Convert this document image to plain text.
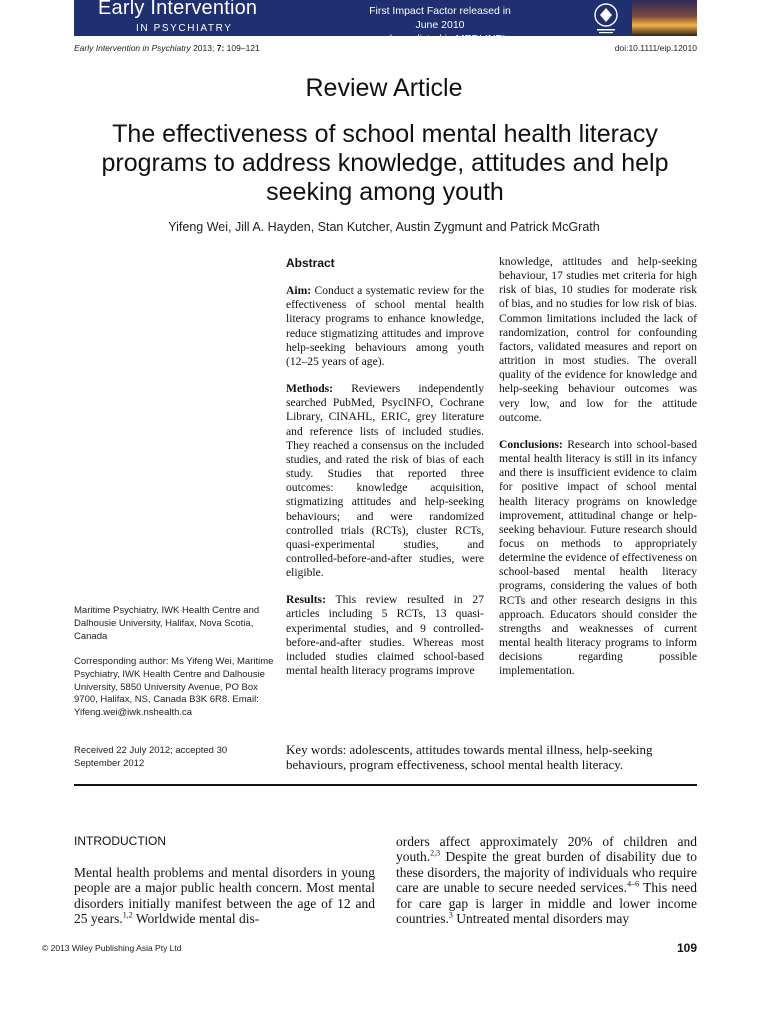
Early Intervention
IN PSYCHIATRY
First Impact Factor released in June 2010
and now listed in MEDLINE!
Early Intervention in Psychiatry 2013; 7: 109–121	doi:10.1111/eip.12010
Review Article
The effectiveness of school mental health literacy programs to address knowledge, attitudes and help seeking among youth
Yifeng Wei, Jill A. Hayden, Stan Kutcher, Austin Zygmunt and Patrick McGrath
Maritime Psychiatry, IWK Health Centre and Dalhousie University, Halifax, Nova Scotia, Canada
Corresponding author: Ms Yifeng Wei, Maritime Psychiatry, IWK Health Centre and Dalhousie University, 5850 University Avenue, PO Box 9700, Halifax, NS, Canada B3K 6R8. Email: Yifeng.wei@iwk.nshealth.ca
Received 22 July 2012; accepted 30 September 2012
Abstract

Aim: Conduct a systematic review for the effectiveness of school mental health literacy programs to enhance knowledge, reduce stigmatizing attitudes and improve help-seeking behaviours among youth (12–25 years of age).

Methods: Reviewers independently searched PubMed, PsycINFO, Cochrane Library, CINAHL, ERIC, grey literature and reference lists of included studies. They reached a consensus on the included studies, and rated the risk of bias of each study. Studies that reported three outcomes: knowledge acquisition, stigmatizing attitudes and help-seeking behaviours; and were randomized controlled trials (RCTs), cluster RCTs, quasi-experimental studies, and controlled-before-and-after studies, were eligible.

Results: This review resulted in 27 articles including 5 RCTs, 13 quasi-experimental studies, and 9 controlled-before-and-after studies. Whereas most included studies claimed school-based mental health literacy programs improve

knowledge, attitudes and help-seeking behaviour, 17 studies met criteria for high risk of bias, 10 studies for moderate risk of bias, and no studies for low risk of bias. Common limitations included the lack of randomization, control for confounding factors, validated measures and report on attrition in most studies. The overall quality of the evidence for knowledge and help-seeking behaviour outcomes was very low, and low for the attitude outcome.

Conclusions: Research into school-based mental health literacy is still in its infancy and there is insufficient evidence to claim for positive impact of school mental health literacy programs on knowledge improvement, attitudinal change or help-seeking behaviour. Future research should focus on methods to appropriately determine the evidence of effectiveness on school-based mental health literacy programs, considering the values of both RCTs and other research designs in this approach. Educators should consider the strengths and weaknesses of current mental health literacy programs to inform decisions regarding possible implementation.

Key words: adolescents, attitudes towards mental illness, help-seeking behaviours, program effectiveness, school mental health literacy.
INTRODUCTION
Mental health problems and mental disorders in young people are a major public health concern. Most mental disorders initially manifest between the age of 12 and 25 years.$^{1,2}$ Worldwide mental dis-
orders affect approximately 20% of children and youth.$^{2,3}$ Despite the great burden of disability due to these disorders, the majority of individuals who require care are unable to secure needed services.$^{4-6}$ This need for care gap is larger in middle and lower income countries.$^3$ Untreated mental disorders may
© 2013 Wiley Publishing Asia Pty Ltd	109
